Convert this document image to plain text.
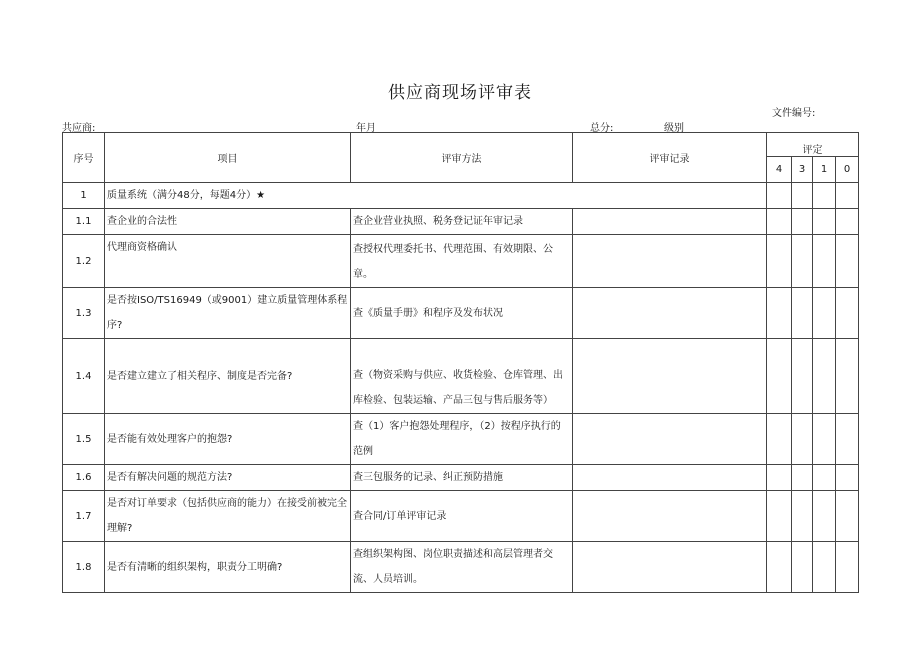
供应商现场评审表
文件编号:
共应商:	年月	总分:	级别
序号	项目	评审方法	评审记录	评定			
				4	3	1	0
1	质量系统（满分48分，每题4分）★						
1.1	查企业的合法性	查企业营业执照、税务登记证年审记录					
1.2	代理商资格确认	查授权代理委托书、代理范围、有效期限、公章。					
1.3	是否按ISO/TS16949（或9001）建立质量管理体系程序?	查《质量手册》和程序及发布状况					
1.4	是否建立建立了相关程序、制度是否完备?	查（物资采购与供应、收货检验、仓库管理、出库检验、包装运输、产品三包与售后服务等）					
1.5	是否能有效处理客户的抱怨?	查（1）客户抱怨处理程序，（2）按程序执行的范例					
1.6	是否有解决问题的规范方法?	查三包服务的记录、纠正预防措施					
1.7	是否对订单要求（包括供应商的能力）在接受前被完全理解?	查合同/订单评审记录					
1.8	是否有清晰的组织架构，职责分工明确?	查组织架构图、岗位职责描述和高层管理者交流、人员培训。					
